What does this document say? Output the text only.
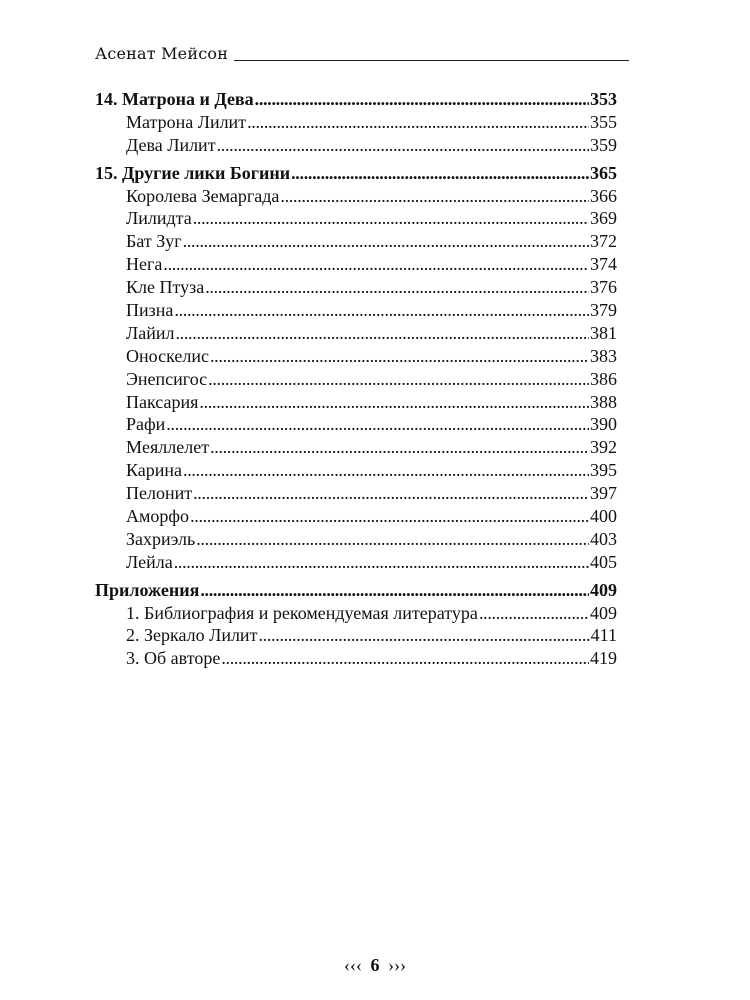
Асенат Мейсон
14. Матрона и Дева . . .	353
Матрона Лилит . . .	355
Дева Лилит . . .	359
15. Другие лики Богини . . .	365
Королева Земаргада . . .	366
Лилидта . . .	369
Бат Зуг . . .	372
Нега . . .	374
Кле Птуза . . .	376
Пизна . . .	379
Лайил . . .	381
Оноскелис . . .	383
Энепсигос . . .	386
Паксария . . .	388
Рафи . . .	390
Мeяллелет . . .	392
Карина . . .	395
Пелонит . . .	397
Аморфо . . .	400
Захриэль . . .	403
Лейла . . .	405
Приложения . . .	409
1. Библиография и рекомендуемая литература . . .	409
2. Зеркало Лилит . . .	411
3. Об авторе . . .	419
‹‹‹ 6 ›››
